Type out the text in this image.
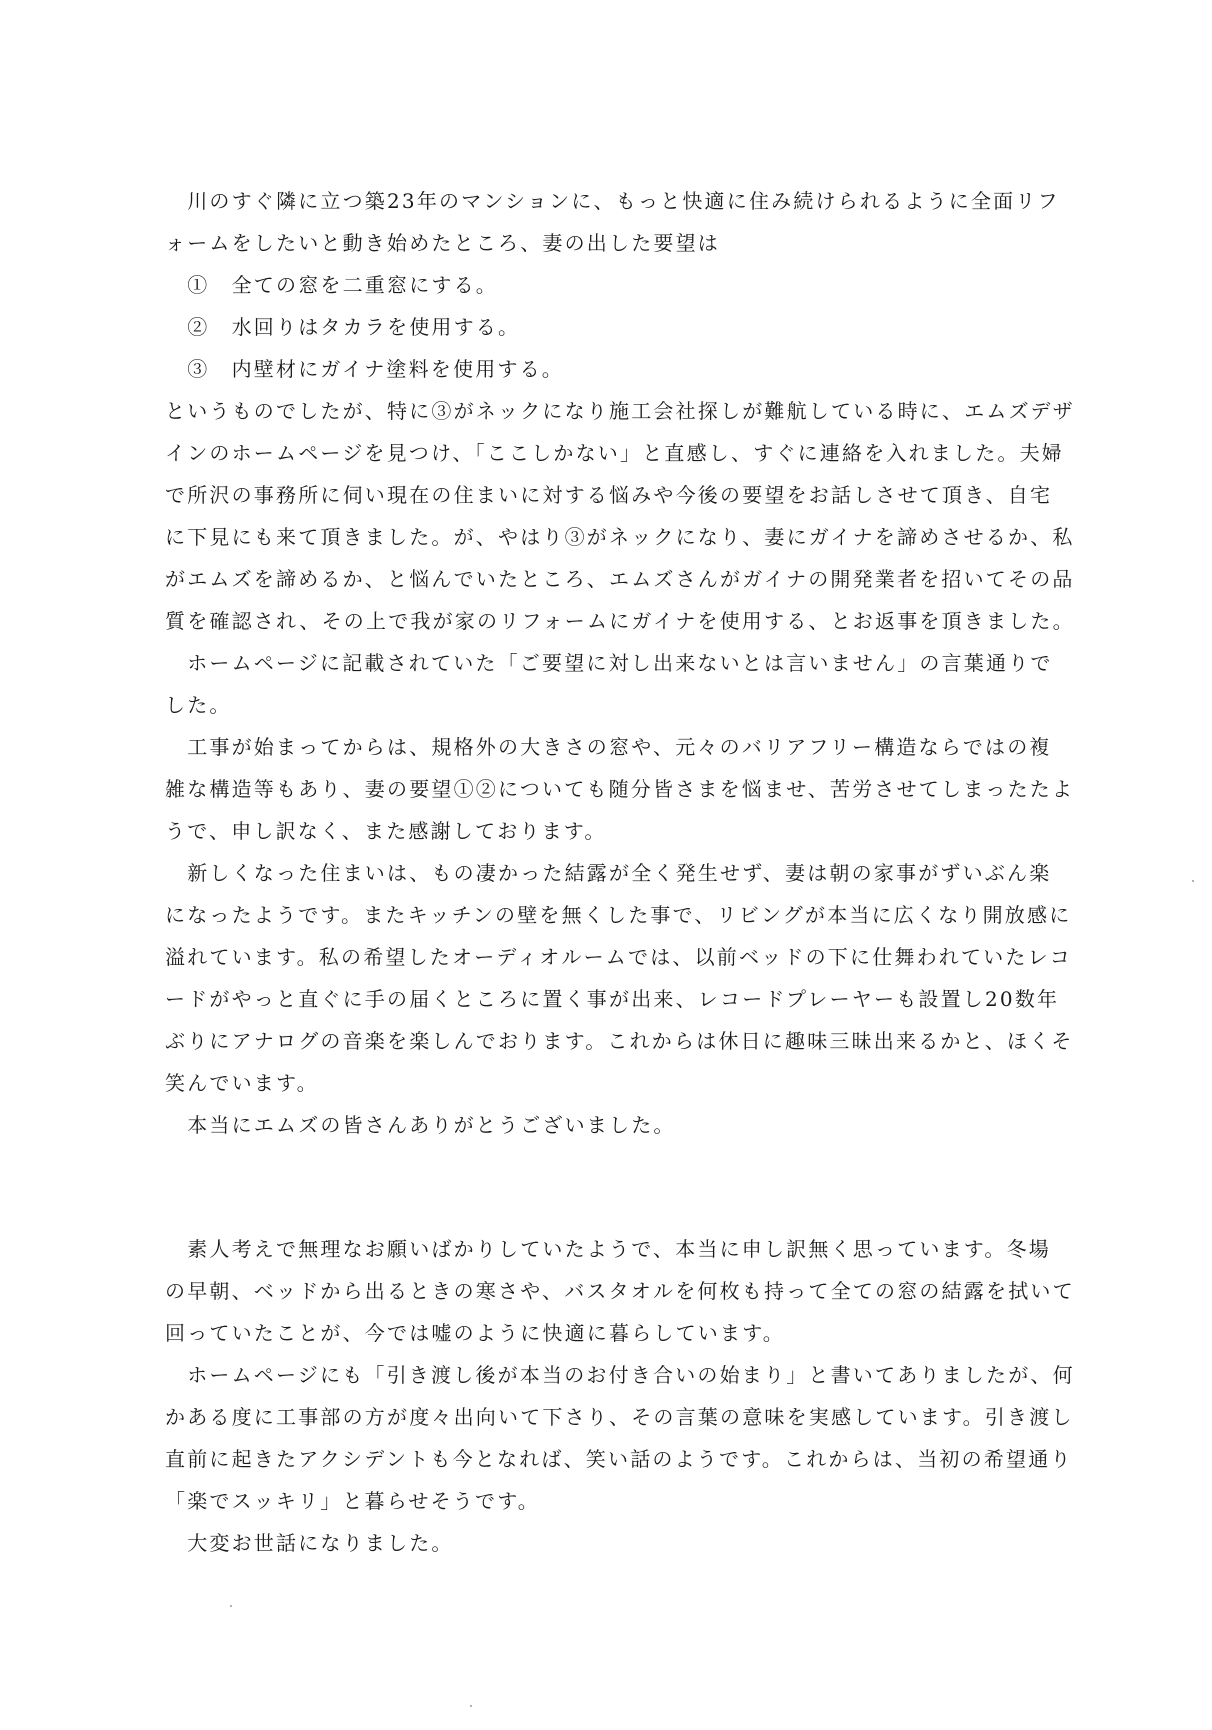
　川のすぐ隣に立つ築23年のマンションに、もっと快適に住み続けられるように全面リフ
ォームをしたいと動き始めたところ、妻の出した要望は
　①　全ての窓を二重窓にする。
　②　水回りはタカラを使用する。
　③　内壁材にガイナ塗料を使用する。
というものでしたが、特に③がネックになり施工会社探しが難航している時に、エムズデザ
インのホームページを見つけ、「ここしかない」と直感し、すぐに連絡を入れました。夫婦
で所沢の事務所に伺い現在の住まいに対する悩みや今後の要望をお話しさせて頂き、自宅
に下見にも来て頂きました。が、やはり③がネックになり、妻にガイナを諦めさせるか、私
がエムズを諦めるか、と悩んでいたところ、エムズさんがガイナの開発業者を招いてその品
質を確認され、その上で我が家のリフォームにガイナを使用する、とお返事を頂きました。
　ホームページに記載されていた「ご要望に対し出来ないとは言いません」の言葉通りで
した。
　工事が始まってからは、規格外の大きさの窓や、元々のバリアフリー構造ならではの複
雑な構造等もあり、妻の要望①②についても随分皆さまを悩ませ、苦労させてしまったたよ
うで、申し訳なく、また感謝しております。
　新しくなった住まいは、もの凄かった結露が全く発生せず、妻は朝の家事がずいぶん楽
になったようです。またキッチンの壁を無くした事で、リビングが本当に広くなり開放感に
溢れています。私の希望したオーディオルームでは、以前ベッドの下に仕舞われていたレコ
ードがやっと直ぐに手の届くところに置く事が出来、レコードプレーヤーも設置し20数年
ぶりにアナログの音楽を楽しんでおります。これからは休日に趣味三昧出来るかと、ほくそ
笑んでいます。
　本当にエムズの皆さんありがとうございました。
　素人考えで無理なお願いばかりしていたようで、本当に申し訳無く思っています。冬場
の早朝、ベッドから出るときの寒さや、バスタオルを何枚も持って全ての窓の結露を拭いて
回っていたことが、今では嘘のように快適に暮らしています。
　ホームページにも「引き渡し後が本当のお付き合いの始まり」と書いてありましたが、何
かある度に工事部の方が度々出向いて下さり、その言葉の意味を実感しています。引き渡し
直前に起きたアクシデントも今となれば、笑い話のようです。これからは、当初の希望通り
「楽でスッキリ」と暮らせそうです。
　大変お世話になりました。
